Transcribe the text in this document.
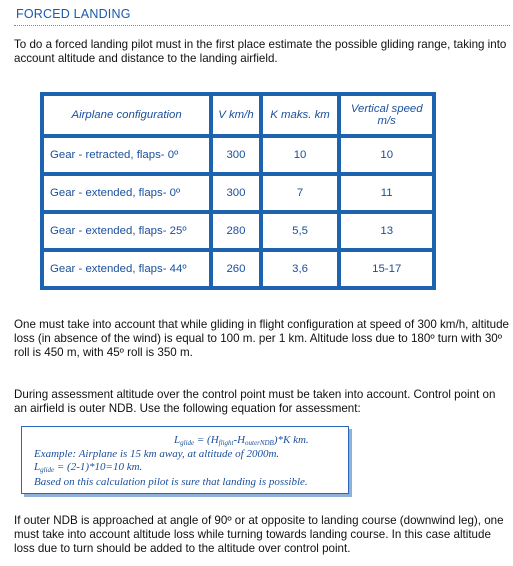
FORCED LANDING
To do a forced landing pilot must in the first place estimate the possible gliding range, taking into account altitude and distance to the landing airfield.
Airplane configuration	V km/h	K maks. km	Vertical speed m/s
Gear - retracted, flaps- 0º	300	10	10
Gear - extended, flaps- 0º	300	7	11
Gear - extended, flaps- 25º	280	5,5	13
Gear - extended, flaps- 44º	260	3,6	15-17
One must take into account that while gliding in flight configuration at speed of 300 km/h, altitude loss (in absence of the wind) is equal to 100 m. per 1 km. Altitude loss due to 180º turn with 30º roll is 450 m, with 45º roll is 350 m.
During assessment altitude over the control point must be taken into account. Control point on an airfield is outer NDB. Use the following equation for assessment:
$L_{glide} = (H_{flight}-H_{outerNDB})*K$ km.
Example: Airplane is 15 km away, at altitude of 2000m.
$L_{glide} = (2-1)*10=10$ km.
Based on this calculation pilot is sure that landing is possible.
If outer NDB is approached at angle of 90º or at opposite to landing course (downwind leg), one must take into account altitude loss while turning towards landing course. In this case altitude loss due to turn should be added to the altitude over control point.
